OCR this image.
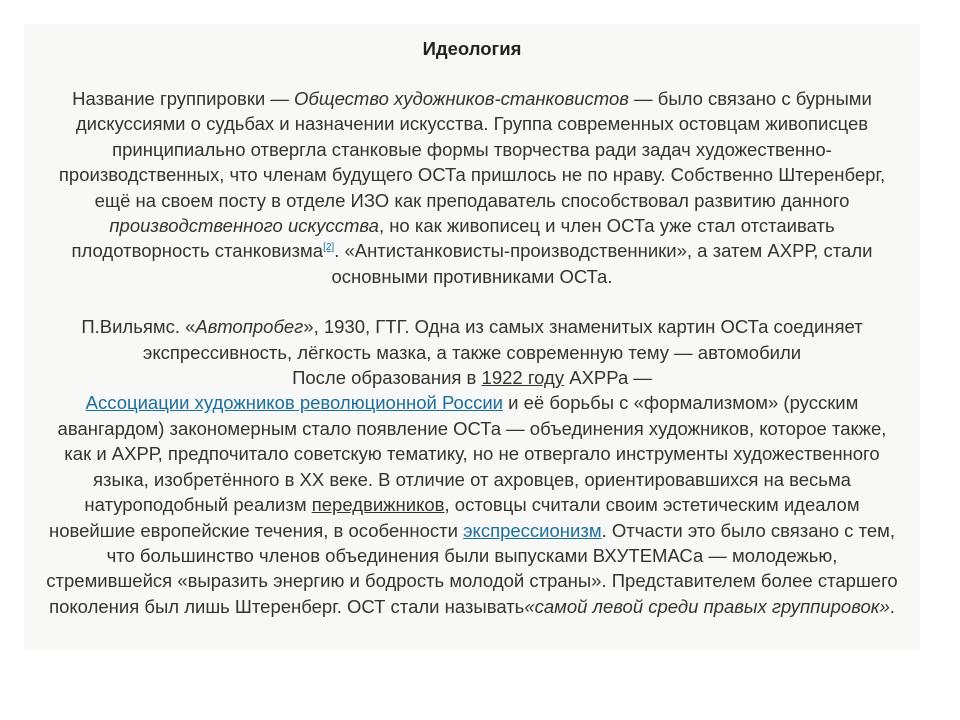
Идеология

Название группировки — Общество художников-станковистов — было связано с бурными дискуссиями о судьбах и назначении искусства. Группа современных остовцам живописцев принципиально отвергла станковые формы творчества ради задач художественно-производственных, что членам будущего ОСТа пришлось не по нраву. Собственно Штеренберг, ещё на своем посту в отделе ИЗО как преподаватель способствовал развитию данного производственного искусства, но как живописец и член ОСТа уже стал отстаивать плодотворность станковизма[2]. «Антистанковисты-производственники», а затем АХРР, стали основными противниками ОСТа.

П.Вильямс. «Автопробег», 1930, ГТГ. Одна из самых знаменитых картин ОСТа соединяет экспрессивность, лёгкость мазка, а также современную тему — автомобили
После образования в 1922 году АХРРа —
Ассоциации художников революционной России и её борьбы с «формализмом» (русским авангардом) закономерным стало появление ОСТа — объединения художников, которое также, как и АХРР, предпочитало советскую тематику, но не отвергало инструменты художественного языка, изобретённого в XX веке. В отличие от ахровцев, ориентировавшихся на весьма натуроподобный реализм передвижников, остовцы считали своим эстетическим идеалом новейшие европейские течения, в особенности экспрессионизм. Отчасти это было связано с тем, что большинство членов объединения были выпусками ВХУТЕМАСа — молодежью, стремившейся «выразить энергию и бодрость молодой страны». Представителем более старшего поколения был лишь Штеренберг. ОСТ стали называть«самой левой среди правых группировок».
